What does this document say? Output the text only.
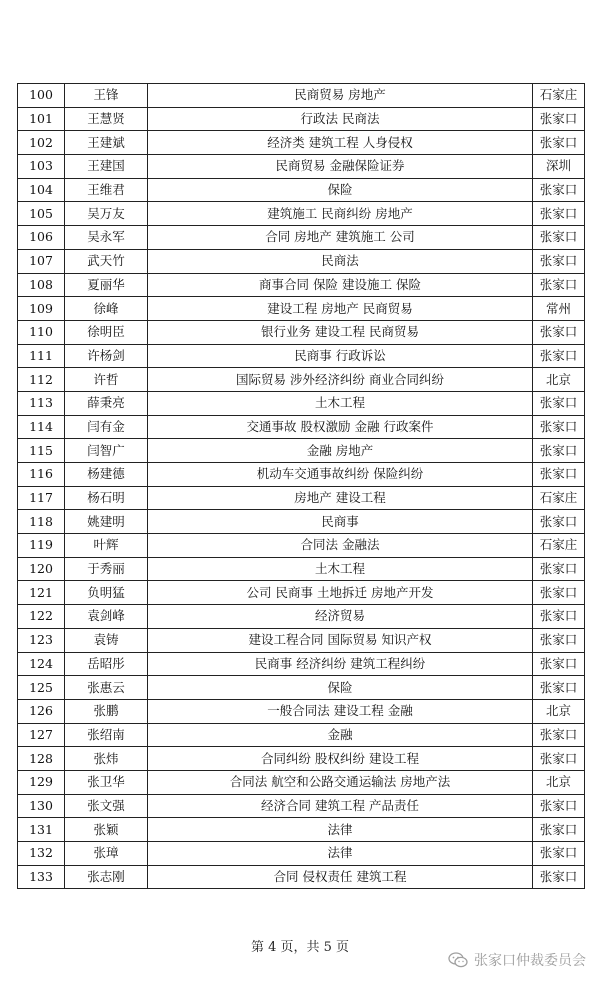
100	王锋	民商贸易 房地产	石家庄
101	王慧贤	行政法 民商法	张家口
102	王建斌	经济类 建筑工程 人身侵权	张家口
103	王建国	民商贸易 金融保险证券	深圳
104	王维君	保险	张家口
105	吴万友	建筑施工 民商纠纷 房地产	张家口
106	吴永军	合同 房地产 建筑施工 公司	张家口
107	武天竹	民商法	张家口
108	夏丽华	商事合同 保险 建设施工 保险	张家口
109	徐峰	建设工程 房地产 民商贸易	常州
110	徐明臣	银行业务 建设工程 民商贸易	张家口
111	许杨剑	民商事 行政诉讼	张家口
112	许哲	国际贸易 涉外经济纠纷 商业合同纠纷	北京
113	薛秉亮	土木工程	张家口
114	闫有金	交通事故 股权激励 金融 行政案件	张家口
115	闫智广	金融 房地产	张家口
116	杨建德	机动车交通事故纠纷 保险纠纷	张家口
117	杨石明	房地产 建设工程	石家庄
118	姚建明	民商事	张家口
119	叶辉	合同法 金融法	石家庄
120	于秀丽	土木工程	张家口
121	负明猛	公司 民商事 土地拆迁 房地产开发	张家口
122	袁剑峰	经济贸易	张家口
123	袁铸	建设工程合同 国际贸易 知识产权	张家口
124	岳昭彤	民商事 经济纠纷 建筑工程纠纷	张家口
125	张惠云	保险	张家口
126	张鹏	一般合同法 建设工程 金融	北京
127	张绍南	金融	张家口
128	张炜	合同纠纷 股权纠纷 建设工程	张家口
129	张卫华	合同法 航空和公路交通运输法 房地产法	北京
130	张文强	经济合同 建筑工程 产品责任	张家口
131	张颖	法律	张家口
132	张璋	法律	张家口
133	张志刚	合同 侵权责任 建筑工程	张家口
第 4 页，共 5 页
张家口仲裁委员会
